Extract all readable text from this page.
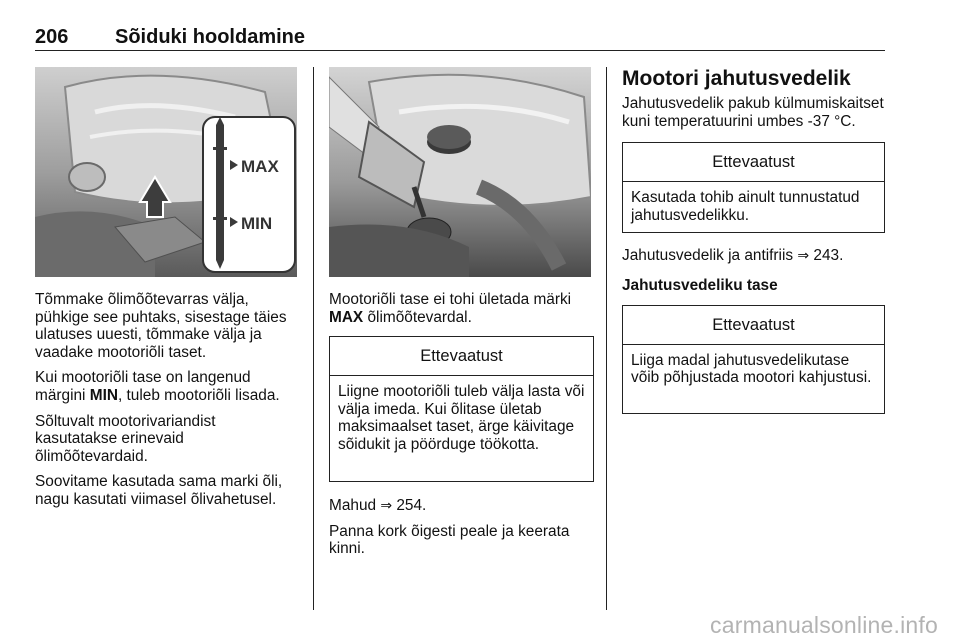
206 Sõiduki hooldamine
MAX
MIN

Tõmmake õlimõõtevarras välja, pühkige see puhtaks, sisestage täies ulatuses uuesti, tõmmake välja ja vaadake mootoriõli taset.

Kui mootoriõli tase on langenud märgini MIN, tuleb mootoriõli lisada.

Sõltuvalt mootorivariandist kasutatakse erinevaid õlimõõtevardaid.

Soovitame kasutada sama marki õli, nagu kasutati viimasel õlivahetusel.

Mootoriõli tase ei tohi ületada märki MAX õlimõõtevardal.

Ettevaatust
Liigne mootoriõli tuleb välja lasta või välja imeda. Kui õlitase ületab maksimaalset taset, ärge käivitage sõidukit ja pöörduge töökotta.

Mahud ⇒ 254.

Panna kork õigesti peale ja keerata kinni.

Mootori jahutusvedelik

Jahutusvedelik pakub külmumiskaitset kuni temperatuurini umbes -37 °C.

Ettevaatust
Kasutada tohib ainult tunnustatud jahutusvedelikku.

Jahutusvedelik ja antifriis ⇒ 243.

Jahutusvedeliku tase
Ettevaatust
Liiga madal jahutusvedelikutase võib põhjustada mootori kahjustusi.
carmanualsonline.info
